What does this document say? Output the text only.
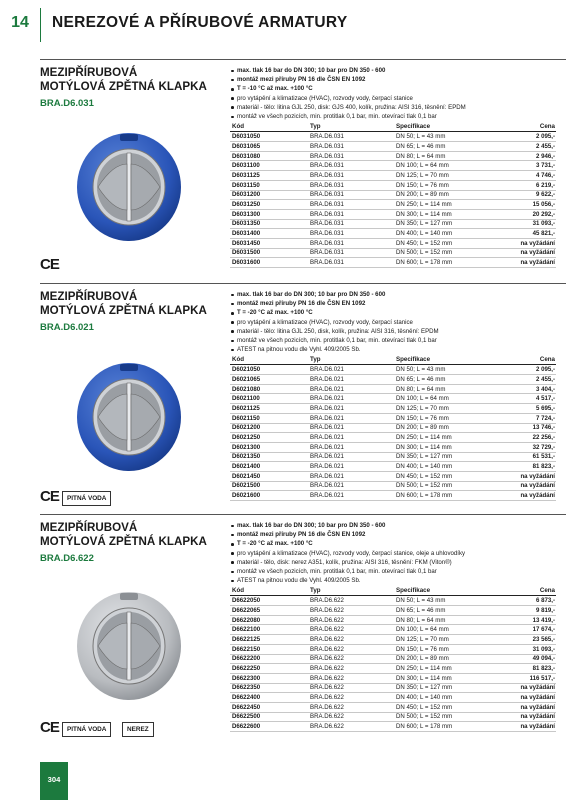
14	NEREZOVÉ A PŘÍRUBOVÉ ARMATURY
MEZIPŘÍRUBOVÁ
MOTÝLOVÁ ZPĚTNÁ KLAPKA
BRA.D6.031
CE
max. tlak 16 bar do DN 300; 10 bar pro DN 350 - 600
montáž mezi příruby PN 16 dle ČSN EN 1092
T = -10 °C až max. +100 °C
pro vytápění a klimatizace (HVAC), rozvody vody, čerpací stanice
materiál - tělo: litina GJL 250, disk: GJS 400, kolík, pružina: AISI 316, těsnění: EPDM
montáž ve všech pozicích, min. protitlak 0,1 bar, min. otevírací tlak 0,1 bar
Kód	Typ	Specifikace	Cena
D6031050	BRA.D6.031	DN 50; L = 43 mm	2 095,-
D6031065	BRA.D6.031	DN 65; L = 46 mm	2 455,-
D6031080	BRA.D6.031	DN 80; L = 64 mm	2 946,-
D6031100	BRA.D6.031	DN 100; L = 64 mm	3 731,-
D6031125	BRA.D6.031	DN 125; L = 70 mm	4 746,-
D6031150	BRA.D6.031	DN 150; L = 76 mm	6 219,-
D6031200	BRA.D6.031	DN 200; L = 89 mm	9 622,-
D6031250	BRA.D6.031	DN 250; L = 114 mm	15 056,-
D6031300	BRA.D6.031	DN 300; L = 114 mm	20 292,-
D6031350	BRA.D6.031	DN 350; L = 127 mm	31 093,-
D6031400	BRA.D6.031	DN 400; L = 140 mm	45 821,-
D6031450	BRA.D6.031	DN 450; L = 152 mm	na vyžádání
D6031500	BRA.D6.031	DN 500; L = 152 mm	na vyžádání
D6031600	BRA.D6.031	DN 600; L = 178 mm	na vyžádání
MEZIPŘÍRUBOVÁ
MOTÝLOVÁ ZPĚTNÁ KLAPKA
BRA.D6.021
CE	PITNÁ VODA
max. tlak 16 bar do DN 300; 10 bar pro DN 350 - 600
montáž mezi příruby PN 16 dle ČSN EN 1092
T = -20 °C až max. +100 °C
pro vytápění a klimatizace (HVAC), rozvody vody, čerpací stanice
materiál - tělo: litina GJL 250, disk, kolík, pružina: AISI 316, těsnění: EPDM
montáž ve všech pozicích, min. protitlak 0,1 bar, min. otevírací tlak 0,1 bar
ATEST na pitnou vodu dle Vyhl. 409/2005 Sb.
Kód	Typ	Specifikace	Cena
D6021050	BRA.D6.021	DN 50; L = 43 mm	2 095,-
D6021065	BRA.D6.021	DN 65; L = 46 mm	2 455,-
D6021080	BRA.D6.021	DN 80; L = 64 mm	3 404,-
D6021100	BRA.D6.021	DN 100; L = 64 mm	4 517,-
D6021125	BRA.D6.021	DN 125; L = 70 mm	5 695,-
D6021150	BRA.D6.021	DN 150; L = 76 mm	7 724,-
D6021200	BRA.D6.021	DN 200; L = 89 mm	13 746,-
D6021250	BRA.D6.021	DN 250; L = 114 mm	22 256,-
D6021300	BRA.D6.021	DN 300; L = 114 mm	32 729,-
D6021350	BRA.D6.021	DN 350; L = 127 mm	61 531,-
D6021400	BRA.D6.021	DN 400; L = 140 mm	81 823,-
D6021450	BRA.D6.021	DN 450; L = 152 mm	na vyžádání
D6021500	BRA.D6.021	DN 500; L = 152 mm	na vyžádání
D6021600	BRA.D6.021	DN 600; L = 178 mm	na vyžádání
MEZIPŘÍRUBOVÁ
MOTÝLOVÁ ZPĚTNÁ KLAPKA
BRA.D6.622
CE	PITNÁ VODA	NEREZ
max. tlak 16 bar do DN 300; 10 bar pro DN 350 - 600
montáž mezi příruby PN 16 dle ČSN EN 1092
T = -20 °C až max. +100 °C
pro vytápění a klimatizace (HVAC), rozvody vody, čerpací stanice, oleje a uhlovodíky
materiál - tělo, disk: nerez A351, kolík, pružina: AISI 316, těsnění: FKM (Viton®)
montáž ve všech pozicích, min. protitlak 0,1 bar, min. otevírací tlak 0,1 bar
ATEST na pitnou vodu dle Vyhl. 409/2005 Sb.
Kód	Typ	Specifikace	Cena
D6622050	BRA.D6.622	DN 50; L = 43 mm	6 873,-
D6622065	BRA.D6.622	DN 65; L = 46 mm	9 819,-
D6622080	BRA.D6.622	DN 80; L = 64 mm	13 419,-
D6622100	BRA.D6.622	DN 100; L = 64 mm	17 674,-
D6622125	BRA.D6.622	DN 125; L = 70 mm	23 565,-
D6622150	BRA.D6.622	DN 150; L = 76 mm	31 093,-
D6622200	BRA.D6.622	DN 200; L = 89 mm	49 094,-
D6622250	BRA.D6.622	DN 250; L = 114 mm	81 823,-
D6622300	BRA.D6.622	DN 300; L = 114 mm	116 517,-
D6622350	BRA.D6.622	DN 350; L = 127 mm	na vyžádání
D6622400	BRA.D6.622	DN 400; L = 140 mm	na vyžádání
D6622450	BRA.D6.622	DN 450; L = 152 mm	na vyžádání
D6622500	BRA.D6.622	DN 500; L = 152 mm	na vyžádání
D6622600	BRA.D6.622	DN 600; L = 178 mm	na vyžádání
304
